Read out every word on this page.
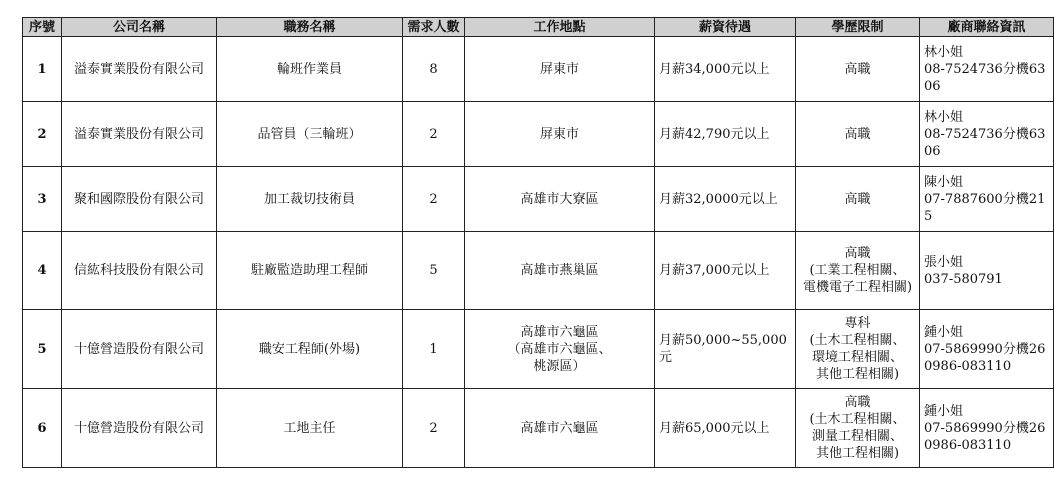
序號	公司名稱	職務名稱	需求人數	工作地點	薪資待遇	學歷限制	廠商聯絡資訊
1	溢泰實業股份有限公司	輪班作業員	8	屏東市	月薪34,000元以上	高職	林小姐
08-7524736分機6306

2	溢泰實業股份有限公司	品管員（三輪班）	2	屏東市	月薪42,790元以上	高職	林小姐
08-7524736分機6306

3	聚和國際股份有限公司	加工裁切技術員	2	高雄市大寮區	月薪32,0000元以上	高職	陳小姐
07-7887600分機215

4	信紘科技股份有限公司	駐廠監造助理工程師	5	高雄市燕巢區	月薪37,000元以上	高職
(工業工程相關、
電機電子工程相關)	張小姐
037-580791

5	十億營造股份有限公司	職安工程師(外場)	1	高雄市六龜區
（高雄市六龜區、
桃源區）	月薪50,000~55,000元	專科
(土木工程相關、
環境工程相關、
其他工程相關)	鍾小姐
07-5869990分機26
0986-083110

6	十億營造股份有限公司	工地主任	2	高雄市六龜區	月薪65,000元以上	高職
(土木工程相關、
測量工程相關、
其他工程相關)	鍾小姐
07-5869990分機26
0986-083110
